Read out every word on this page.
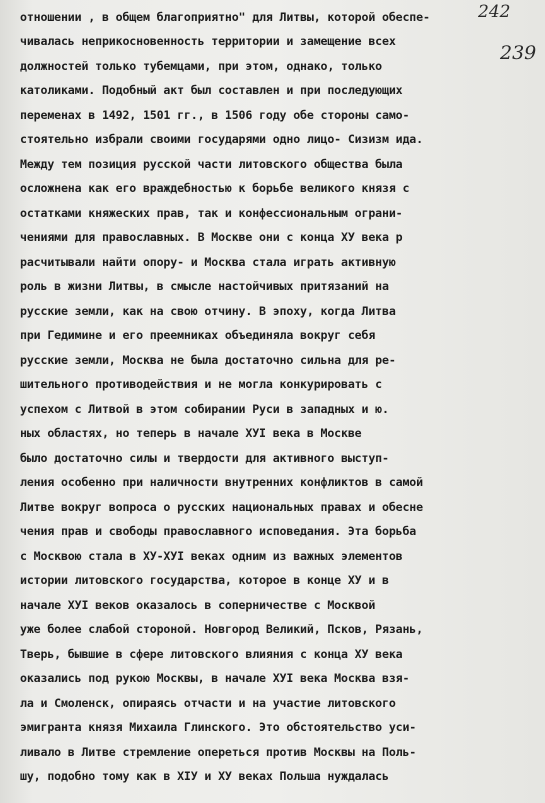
242
239
отношении , в общем благоприятно" для Литвы, которой обеспе-
чивалась неприкосновенность территории и замещение всех
должностей только тубемцами, при этом, однако, только
католиками. Подобный акт был составлен и при последующих
переменах в 1492, 1501 гг., в 1506 году обе стороны само-
стоятельно избрали своими государями одно лицо- Сизизм ида.
Между тем позиция русской части литовского общества была
осложнена как его враждебностью к борьбе великого князя с
остатками княжеских прав, так и конфессиональным ограни-
чениями для православных. В Москве они с конца ХУ века р
расчитывали найти опору- и Москва стала играть активную
роль в жизни Литвы, в смысле настойчивых притязаний на
русские земли, как на свою отчину. В эпоху, когда Литва
при Гедимине и его преемниках объединяла вокруг себя
русские земли, Москва не была достаточно сильна для ре-
шительного противодействия и не могла конкурировать с
успехом с Литвой в этом собирании Руси в западных и ю.
ных областях, но теперь в начале ХУI века в Москве
было достаточно силы и твердости для активного выступ-
ления особенно при наличности внутренних конфликтов в самой
Литве вокруг вопроса о русских национальных правах и обесне
чения прав и свободы православного исповедания. Эта борьба
с Москвою стала в ХУ-ХУI веках одним из важных элементов
истории литовского государства, которое в конце ХУ и в
начале ХУI веков оказалось в соперничестве с Москвой
уже более слабой стороной. Новгород Великий, Псков, Рязань,
Тверь, бывшие в сфере литовского влияния с конца ХУ века
оказались под рукою Москвы, в начале ХУI века Москва взя-
ла и Смоленск, опираясь отчасти и на участие литовского
эмигранта князя Михаила Глинского. Это обстоятельство уси-
ливало в Литве стремление опереться против Москвы на Поль-
шу, подобно тому как в ХIУ и ХУ веках Польша нуждалась
